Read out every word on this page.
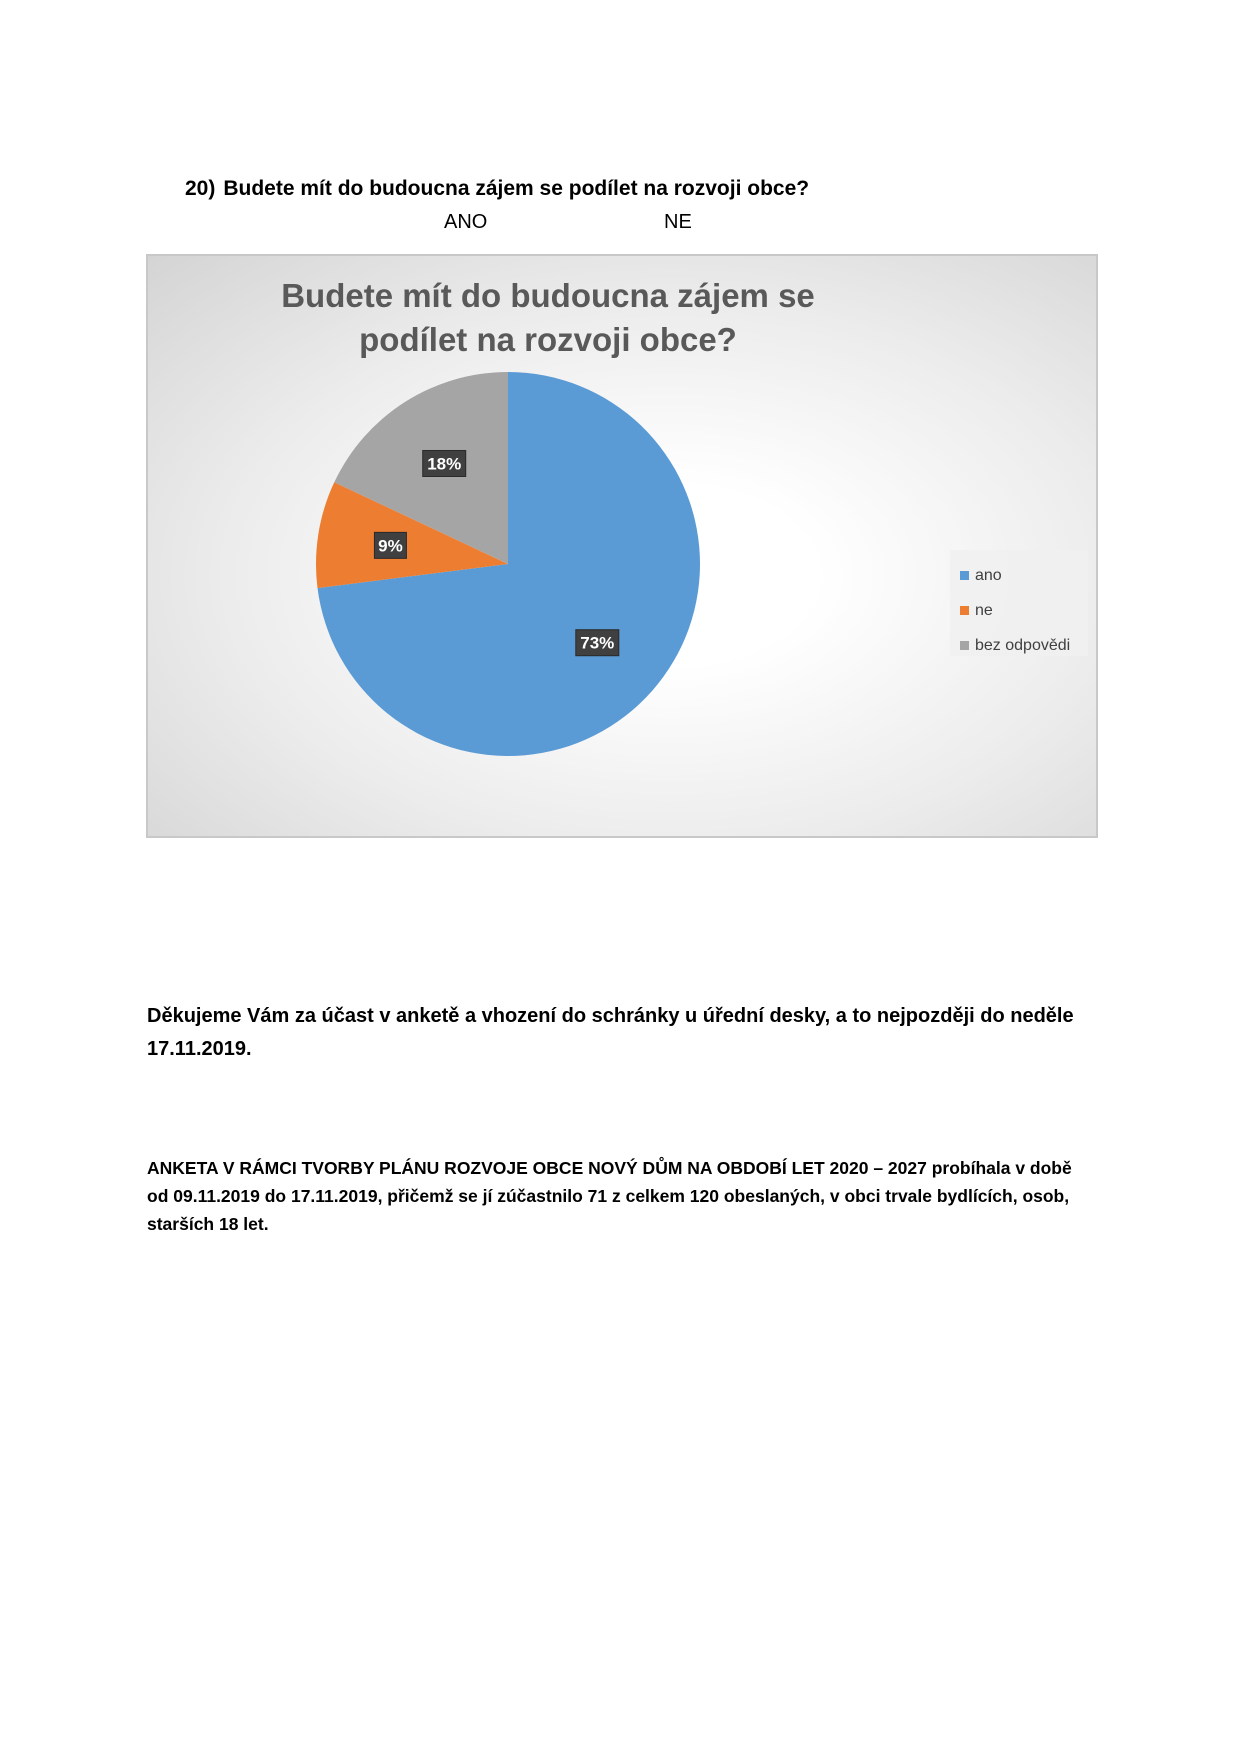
20) Budete mít do budoucna zájem se podílet na rozvoji obce?
ANO	NE
Budete mít do budoucna zájem se podílet na rozvoji obce?
73%
9%
18%
ano
ne
bez odpovědi
Děkujeme Vám za účast v anketě a vhození do schránky u úřední desky, a to nejpozději do neděle 17.11.2019.
ANKETA V RÁMCI TVORBY PLÁNU ROZVOJE OBCE NOVÝ DŮM NA OBDOBÍ LET 2020 – 2027 probíhala v době od 09.11.2019 do 17.11.2019, přičemž se jí zúčastnilo 71 z celkem 120 obeslaných, v obci trvale bydlících, osob, starších 18 let.
